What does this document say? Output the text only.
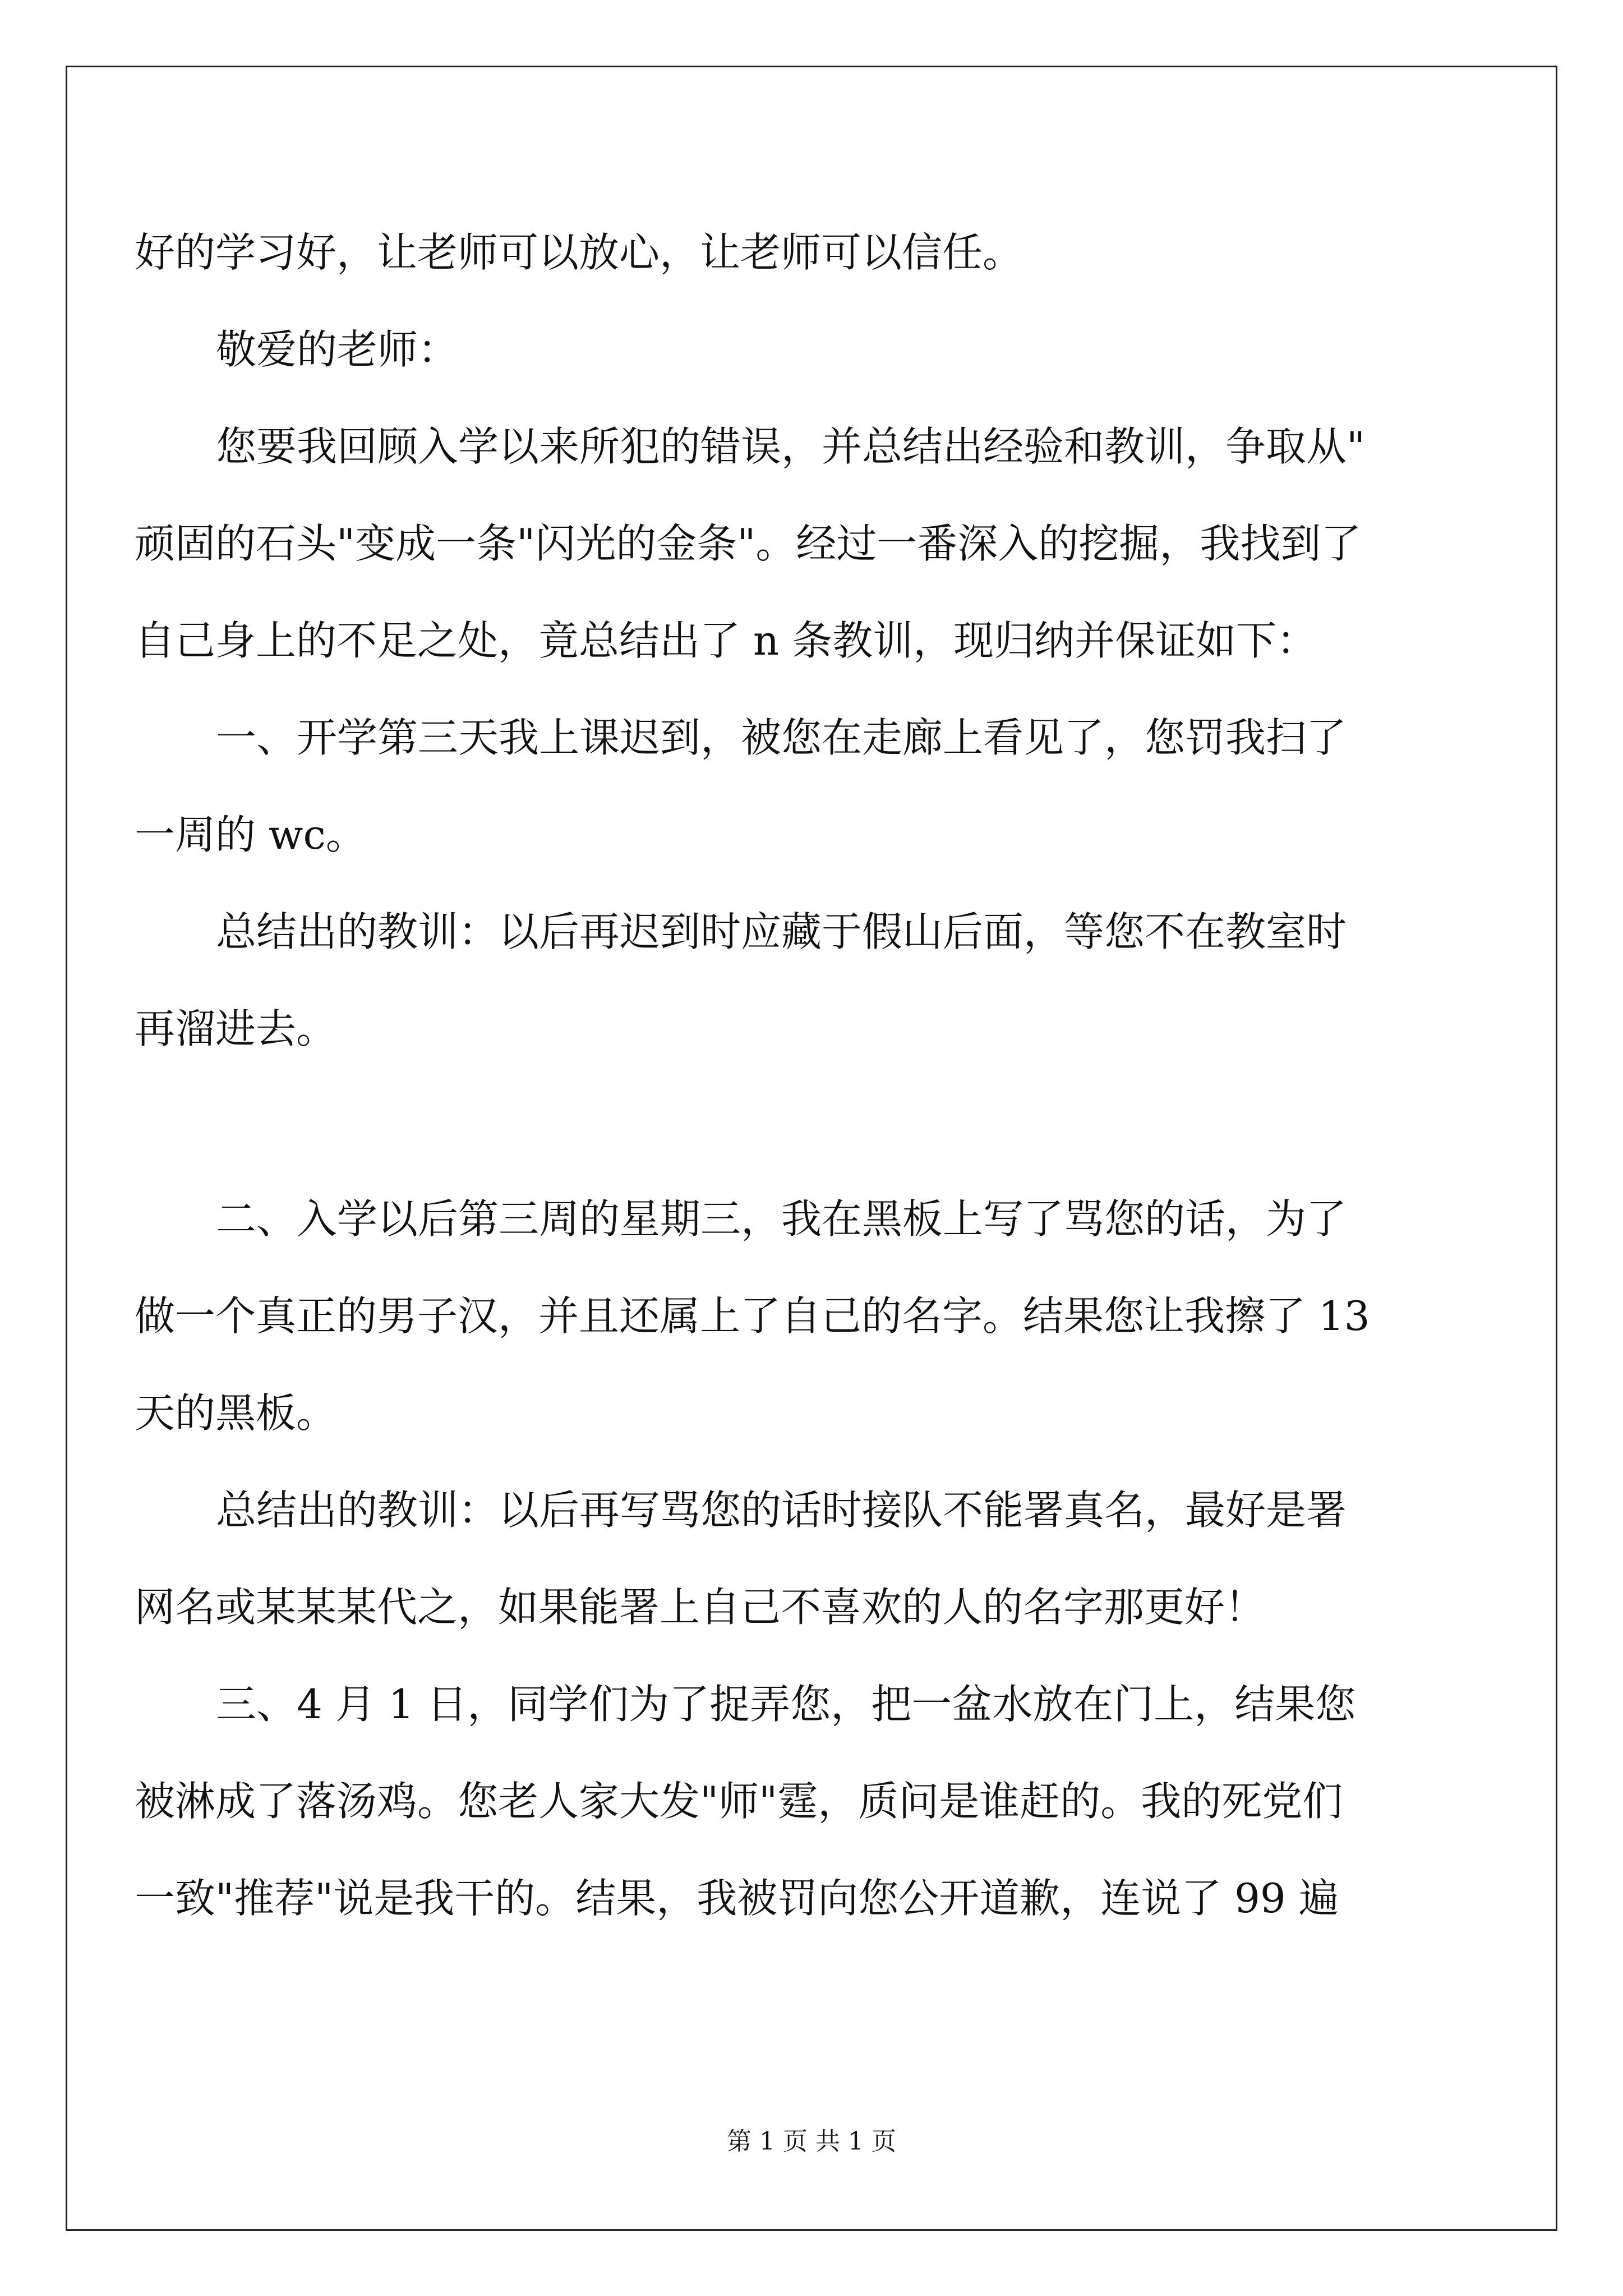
好的学习好，让老师可以放心，让老师可以信任。

敬爱的老师：

您要我回顾入学以来所犯的错误，并总结出经验和教训，争取从"

顽固的石头"变成一条"闪光的金条"。经过一番深入的挖掘，我找到了

自己身上的不足之处，竟总结出了 n 条教训，现归纳并保证如下：

一、开学第三天我上课迟到，被您在走廊上看见了，您罚我扫了

一周的 wc。

总结出的教训：以后再迟到时应藏于假山后面，等您不在教室时

再溜进去。

二、入学以后第三周的星期三，我在黑板上写了骂您的话，为了

做一个真正的男子汉，并且还属上了自己的名字。结果您让我擦了 13

天的黑板。

总结出的教训：以后再写骂您的话时接队不能署真名，最好是署

网名或某某某代之，如果能署上自己不喜欢的人的名字那更好！

三、4 月 1 日，同学们为了捉弄您，把一盆水放在门上，结果您

被淋成了落汤鸡。您老人家大发"师"霆，质问是谁赶的。我的死党们

一致"推荐"说是我干的。结果，我被罚向您公开道歉，连说了 99 遍

第 1 页 共 1 页
